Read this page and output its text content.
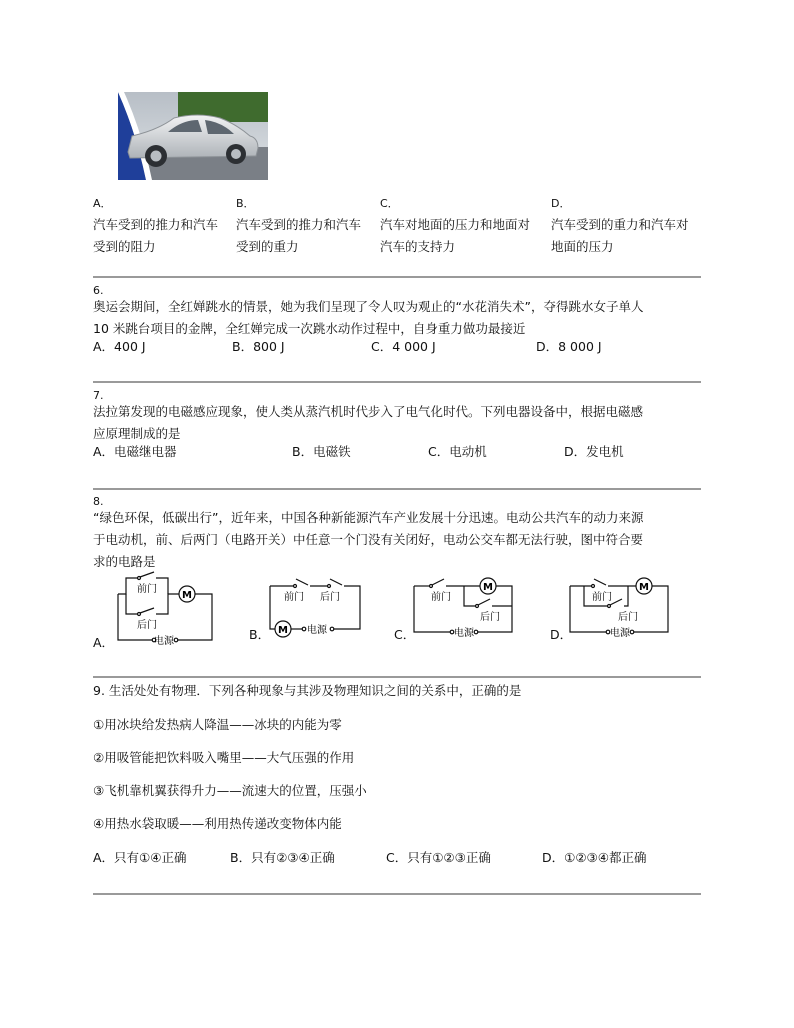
A．
汽车受到的推力和汽车
受到的阻力
B．
汽车受到的推力和汽车
受到的重力
C．
汽车对地面的压力和地面对
汽车的支持力
D．
汽车受到的重力和汽车对
地面的压力
6.
奥运会期间，全红婵跳水的情景，她为我们呈现了令人叹为观止的“水花消失术”，夺得跳水女子单人
10 米跳台项目的金牌，全红婵完成一次跳水动作过程中，自身重力做功最接近
A．400 J	B．800 J	C．4 000 J	D．8 000 J
7.
法拉第发现的电磁感应现象，使人类从蒸汽机时代步入了电气化时代。下列电器设备中，根据电磁感
应原理制成的是
A．电磁继电器	B．电磁铁	C．电动机	D．发电机
8.
“绿色环保，低碳出行”，近年来，中国各种新能源汽车产业发展十分迅速。电动公共汽车的动力来源
于电动机，前、后两门（电路开关）中任意一个门没有关闭好，电动公交车都无法行驶，图中符合要
求的电路是
A．
M
前门
后门
电源	B． M
前门 后门
电源	C．
M
前门
后门
电源	D．
M
前门
后门
电源
9. 生活处处有物理．下列各种现象与其涉及物理知识之间的关系中，正确的是
①用冰块给发热病人降温——冰块的内能为零
②用吸管能把饮料吸入嘴里——大气压强的作用
③飞机靠机翼获得升力——流速大的位置，压强小
④用热水袋取暖——利用热传递改变物体内能
A．只有①④正确	B．只有②③④正确	C．只有①②③正确	D．①②③④都正确
